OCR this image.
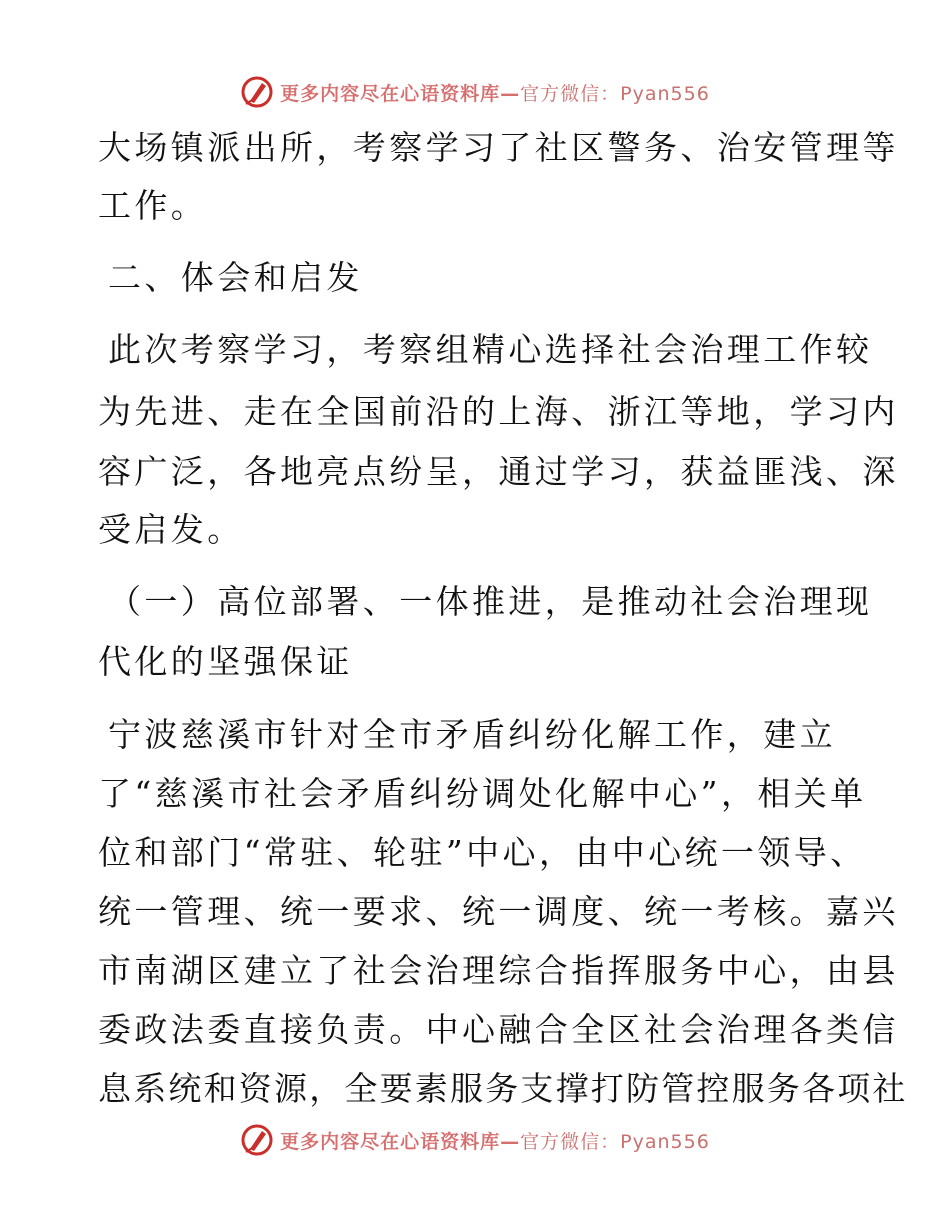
更多内容尽在心语资料库—官方微信：Pyan556
大场镇派出所，考察学习了社区警务、治安管理等
工作。
二、体会和启发
此次考察学习，考察组精心选择社会治理工作较
为先进、走在全国前沿的上海、浙江等地，学习内
容广泛，各地亮点纷呈，通过学习，获益匪浅、深
受启发。
（一）高位部署、一体推进，是推动社会治理现
代化的坚强保证
宁波慈溪市针对全市矛盾纠纷化解工作，建立
了“慈溪市社会矛盾纠纷调处化解中心”，相关单
位和部门“常驻、轮驻”中心，由中心统一领导、
统一管理、统一要求、统一调度、统一考核。嘉兴
市南湖区建立了社会治理综合指挥服务中心，由县
委政法委直接负责。中心融合全区社会治理各类信
息系统和资源，全要素服务支撑打防管控服务各项社
更多内容尽在心语资料库—官方微信：Pyan556
